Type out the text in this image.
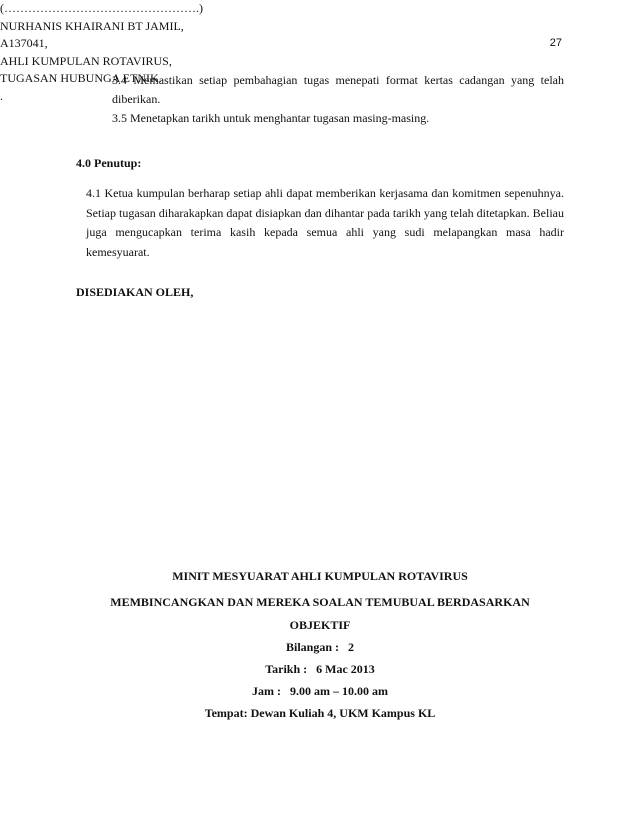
27
3.4 Memastikan setiap pembahagian tugas menepati format kertas cadangan yang telah
diberikan.
3.5 Menetapkan tarikh untuk menghantar tugasan masing-masing.
4.0 Penutup:
4.1 Ketua kumpulan berharap setiap ahli dapat memberikan kerjasama dan komitmen sepenuhnya. Setiap tugasan diharakapkan dapat disiapkan dan dihantar pada tarikh yang telah ditetapkan. Beliau juga mengucapkan terima kasih kepada semua ahli yang sudi melapangkan masa hadir kemesyuarat.
DISEDIAKAN OLEH,
(………………………………………….)
NURHANIS KHAIRANI BT JAMIL,
A137041,
AHLI KUMPULAN ROTAVIRUS,
TUGASAN HUBUNGA ETNIK.
.
MINIT MESYUARAT AHLI KUMPULAN ROTAVIRUS
MEMBINCANGKAN DAN MEREKA SOALAN TEMUBUAL BERDASARKAN
OBJEKTIF
Bilangan :   2
Tarikh :   6 Mac 2013
Jam :   9.00 am – 10.00 am
Tempat: Dewan Kuliah 4, UKM Kampus KL
